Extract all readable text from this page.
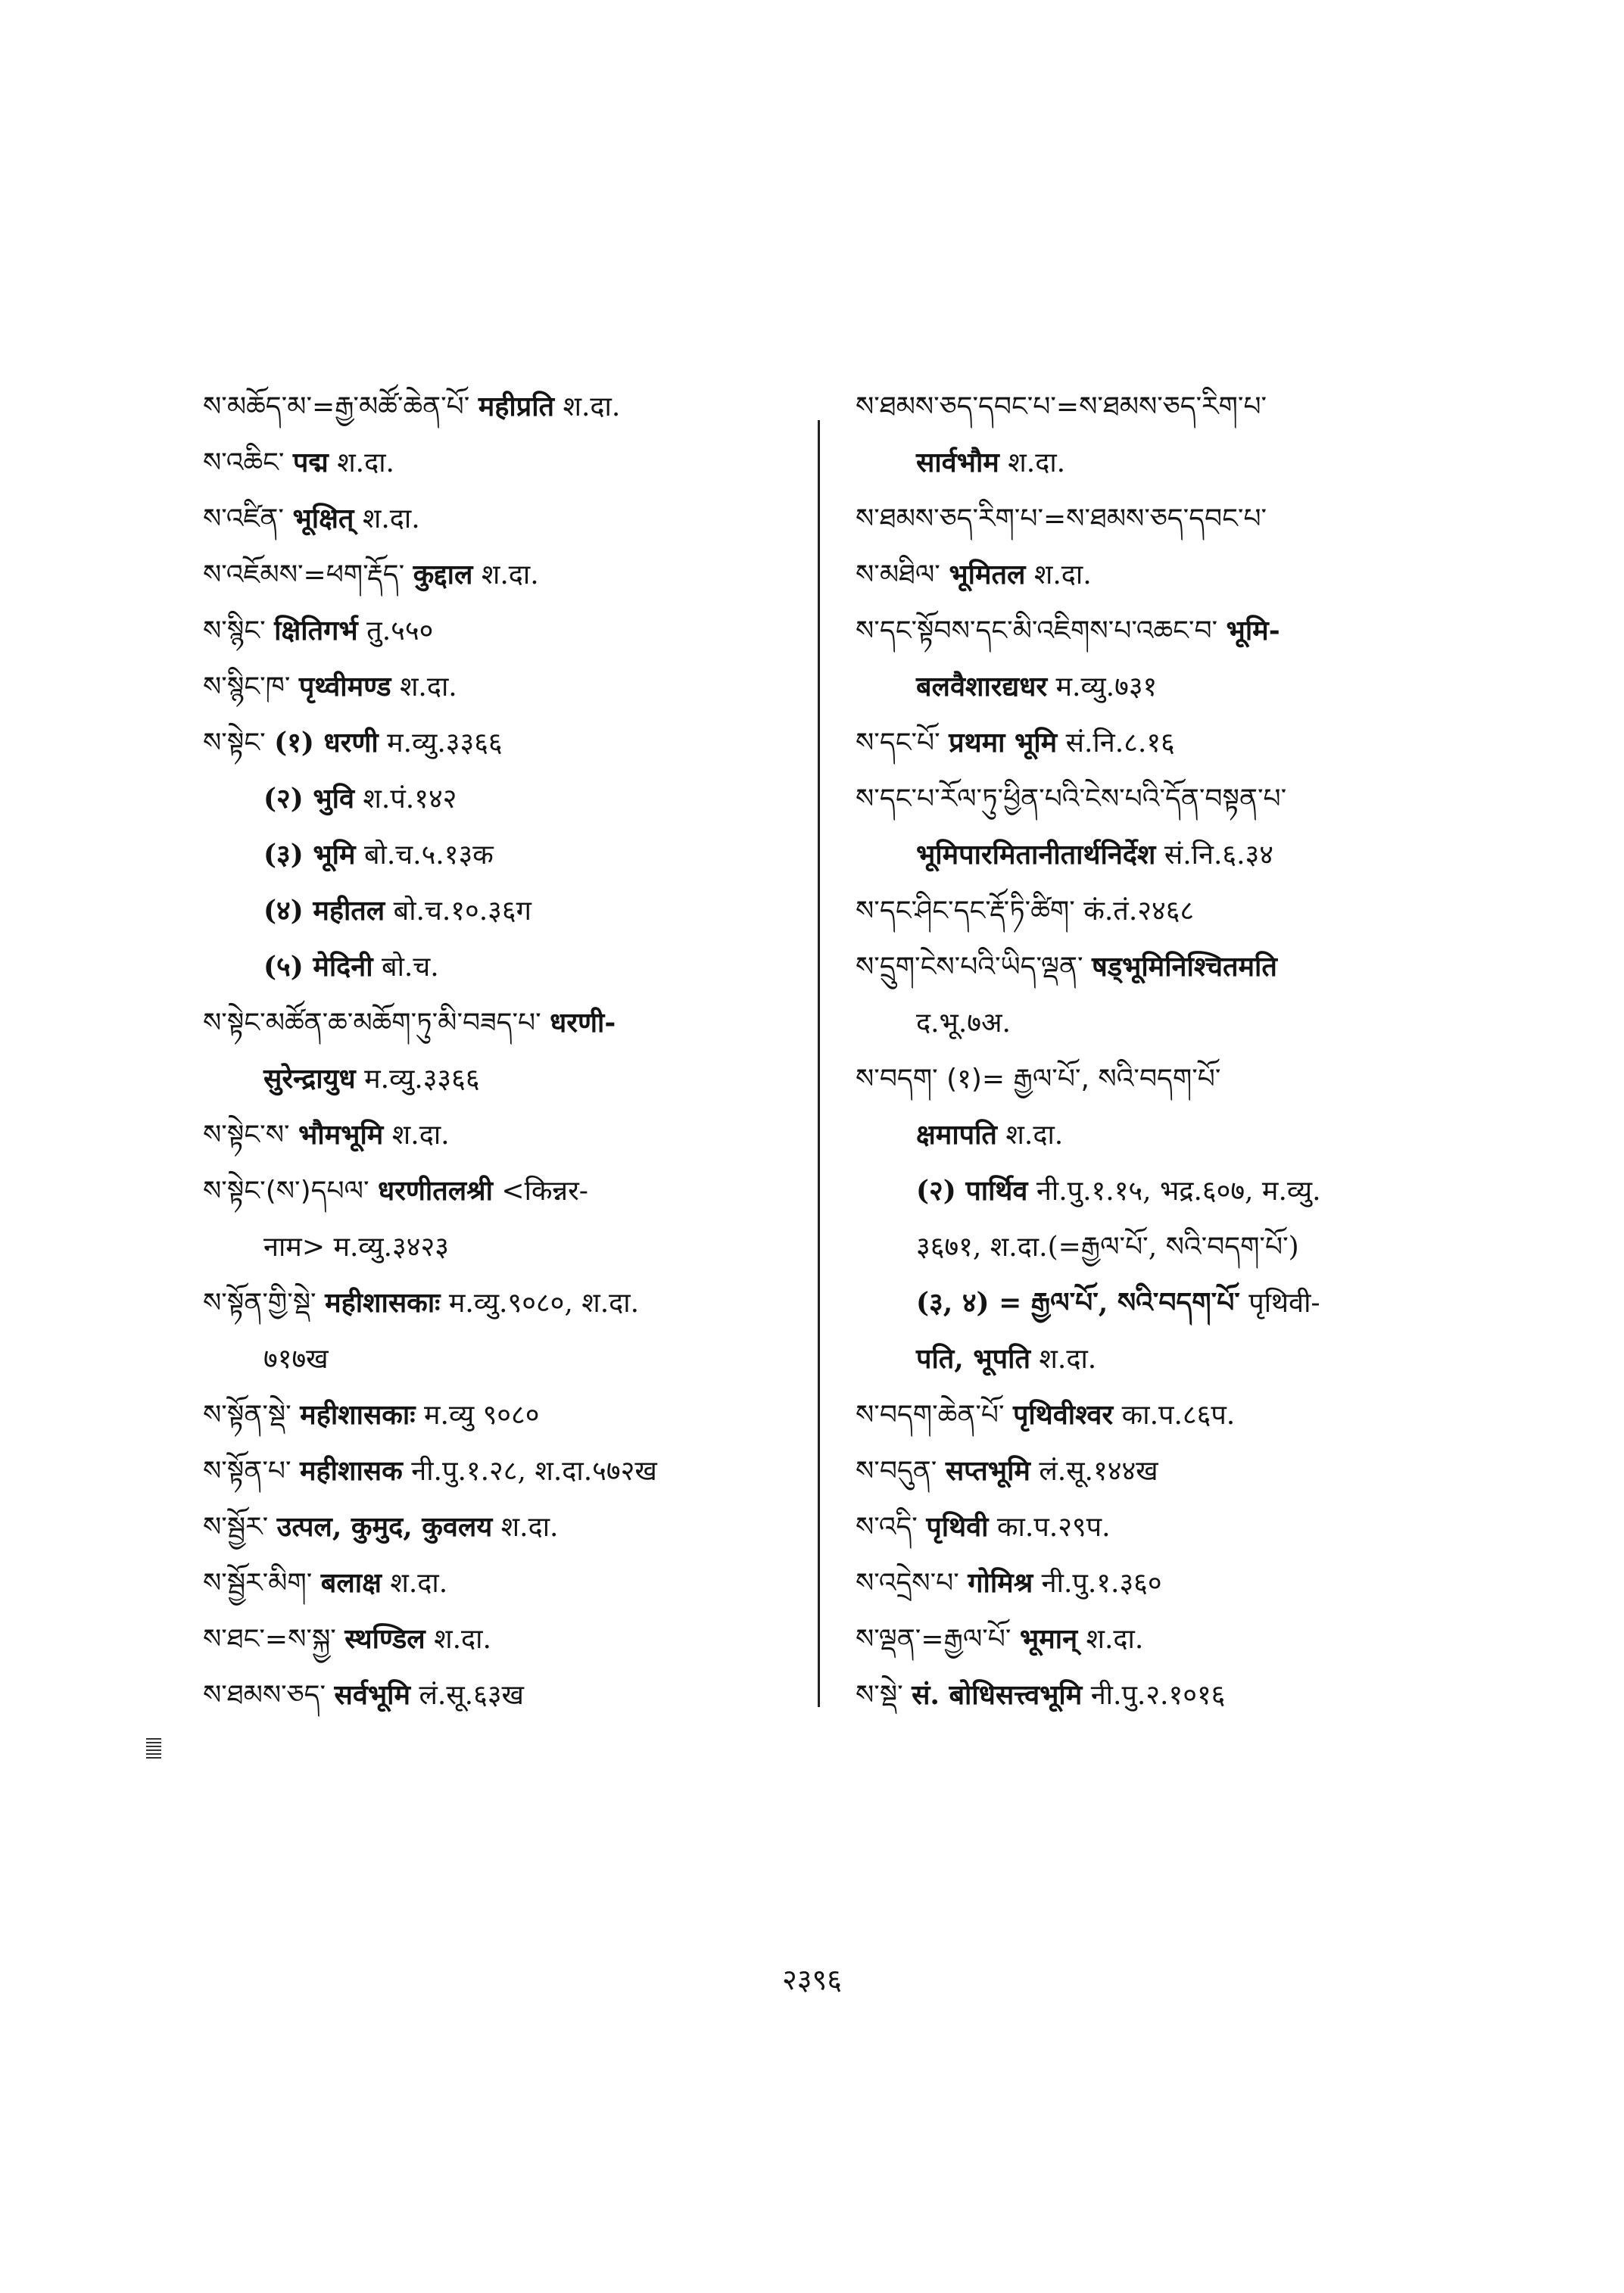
ས་མཆོད་མ་=རྒྱ་མཚོ་ཆེན་པོ་ महीप्रति श.दा.
ས་འཆིང་ पद्म श.दा.
ས་འཛིན་ भूक्षित् श.दा.
ས་འཇོམས་=ཕག་རྡོད་ कुद्दाल श.दा.
ས་སྙིང་ क्षितिगर्भ तु.५५०
ས་སྙིང་ཁ་ पृथ्वीमण्ड श.दा.
ས་སྟེང་ (१) धरणी म.व्यु.३३६६
(२) भुवि श.पं.१४२
(३) भूमि बो.च.५.१३क
(४) महीतल बो.च.१०.३६ग
(५) मेदिनी बो.च.
ས་སྟེང་མཚོན་ཆ་མཆོག་ཏུ་མི་བཟད་པ་ धरणी-
सुरेन्द्रायुध म.व्यु.३३६६
ས་སྟེང་ས་ भौमभूमि श.दा.
ས་སྟེང་(ས་)དཔལ་ धरणीतलश्री <किन्नर-
नाम> म.व्यु.३४२३
ས་སྟོན་གྱི་སྡེ་ महीशासकाः म.व्यु.९०८०, श.दा.
७१७ख
ས་སྟོན་སྡེ་ महीशासकाः म.व्यु ९०८०
ས་སྟོན་པ་ महीशासक नी.पु.१.२८, श.दा.५७२ख
ས་སྦྱོར་ उत्पल, कुमुद, कुवलय श.दा.
ས་སྦྱོར་མིག་ बलाक्ष श.दा.
ས་ཐང་=ས་སྐྱ་ स्थण्डिल श.दा.
ས་ཐམས་ཅད་ सर्वभूमि लं.सू.६३ख
ས་ཐམས་ཅད་དབང་པ་=ས་ཐམས་ཅད་རིག་པ་
सार्वभौम श.दा.
ས་ཐམས་ཅད་རིག་པ་=ས་ཐམས་ཅད་དབང་པ་
ས་མཐིལ་ भूमितल श.दा.
ས་དང་སྟོབས་དང་མི་འཇིགས་པ་འཆང་བ་ भूमि-
बलवैशारद्यधर म.व्यु.७३१
ས་དང་པོ་ प्रथमा भूमि सं.नि.८.१६
ས་དང་པ་རོལ་ཏུ་ཕྱིན་པའི་ངེས་པའི་དོན་བསྟན་པ་
भूमिपारमितानीतार्थनिर्देश सं.नि.६.३४
ས་དང་ཤིང་དང་རྡོ་ཏི་ཚིག་ कं.तं.२४६८
ས་དྲུག་ངེས་པའི་ཡིད་ལྡན་ षड्भूमिनिश्चितमति
द.भू.७अ.
ས་བདག་ (१)= རྒྱལ་པོ་, སའི་བདག་པོ་
क्षमापति श.दा.
(२) पार्थिव नी.पु.१.१५, भद्र.६०७, म.व्यु.
३६७१, श.दा.(=རྒྱལ་པོ་, སའི་བདག་པོ་)
(३, ४) = རྒྱལ་པོ་, སའི་བདག་པོ་ पृथिवी-
पति, भूपति श.दा.
ས་བདག་ཆེན་པོ་ पृथिवीश्वर का.प.८६प.
ས་བདུན་ सप्तभूमि लं.सू.१४४ख
ས་འདི་ पृथिवी का.प.२९प.
ས་འདྲེས་པ་ गोमिश्र नी.पु.१.३६०
ས་ལྡན་=རྒྱལ་པོ་ भूमान् श.दा.
ས་སྡེ་ सं. बोधिसत्त्वभूमि नी.पु.२.१०१६
२३९६
